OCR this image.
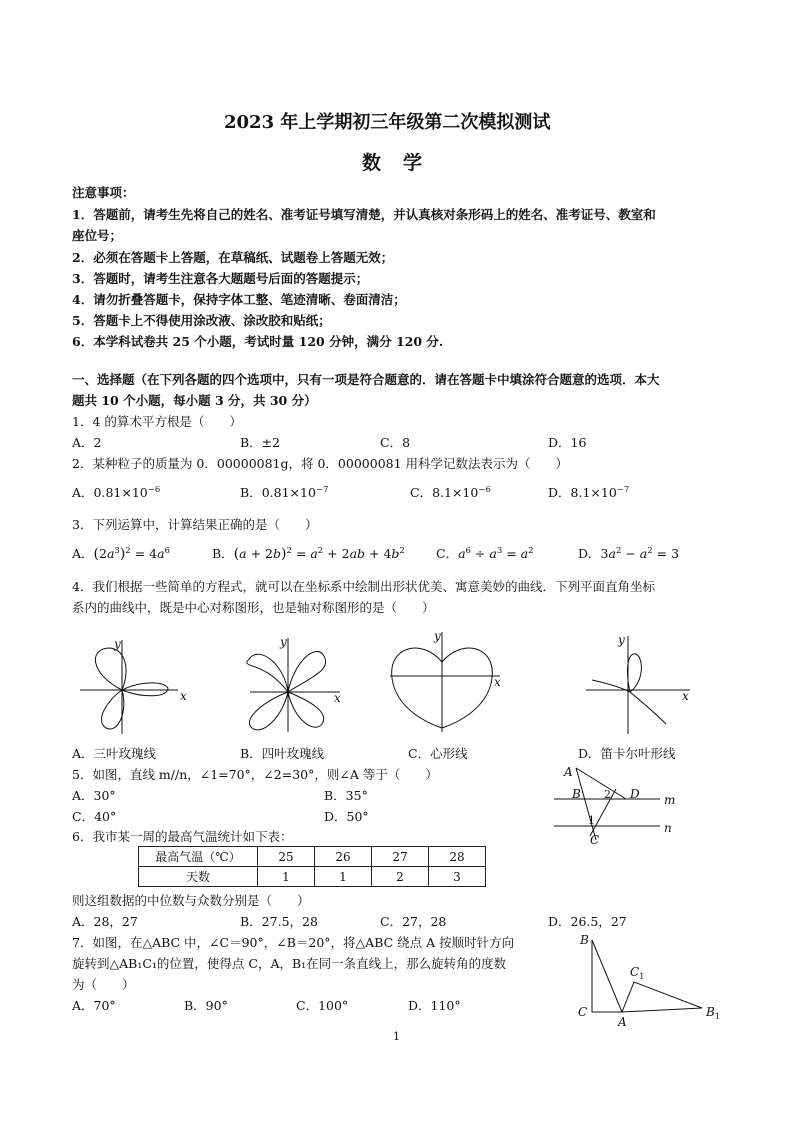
2023 年上学期初三年级第二次模拟测试
数学
注意事项：
1．答题前，请考生先将自己的姓名、准考证号填写清楚，并认真核对条形码上的姓名、准考证号、教室和
座位号；
2．必须在答题卡上答题，在草稿纸、试题卷上答题无效；
3．答题时，请考生注意各大题题号后面的答题提示；
4．请勿折叠答题卡，保持字体工整、笔迹清晰、卷面清洁；
5．答题卡上不得使用涂改液、涂改胶和贴纸；
6．本学科试卷共 25 个小题，考试时量 120 分钟，满分 120 分.
一、选择题（在下列各题的四个选项中，只有一项是符合题意的．请在答题卡中填涂符合题意的选项．本大
题共 10 个小题，每小题 3 分，共 30 分）
1．4 的算术平方根是（　　）
A．2	B．±2	C．8	D．16
2．某种粒子的质量为 0．00000081g，将 0．00000081 用科学记数法表示为（　　）
A．$0.81\times 10^{-6}$	B．$0.81\times 10^{-7}$	C．$8.1\times 10^{-6}$	D．$8.1\times 10^{-7}$
3．下列运算中，计算结果正确的是（　　）
A．$(2a^3)^2 = 4a^6$	B．$(a + 2b)^2 = a^2 + 2ab + 4b^2$ C．$a^6 \div a^3 = a^2$	D．$3a^2 - a^2 = 3$
4．我们根据一些简单的方程式，就可以在坐标系中绘制出形状优美、寓意美妙的曲线．下列平面直角坐标
系内的曲线中，既是中心对称图形，也是轴对称图形的是（　　）
x
y
x
y
x
y
x
y
A．三叶玫瑰线	B．四叶玫瑰线	C．心形线	D．笛卡尔叶形线
5．如图，直线 m//n，∠1=70°，∠2=30°，则∠A 等于（　　）
A．30°	B．35°
C．40°	D．50°
A
B	D
C
m
n
2
1
6．我市某一周的最高气温统计如下表：
最高气温（℃）	25	26	27	28
天数	1	1	2	3
则这组数据的中位数与众数分别是（　　）
A．28，27	B．27.5，28	C．27，28	D．26.5，27
7．如图，在△ABC 中，∠C＝90°，∠B＝20°，将△ABC 绕点 A 按顺时针方向
旋转到△AB₁C₁的位置，使得点 C，A，B₁在同一条直线上，那么旋转角的度数
为（　　）
A．70°	B．90°	C．100°	D．110°
B
C
A
$C_1$
$B_1$
1
